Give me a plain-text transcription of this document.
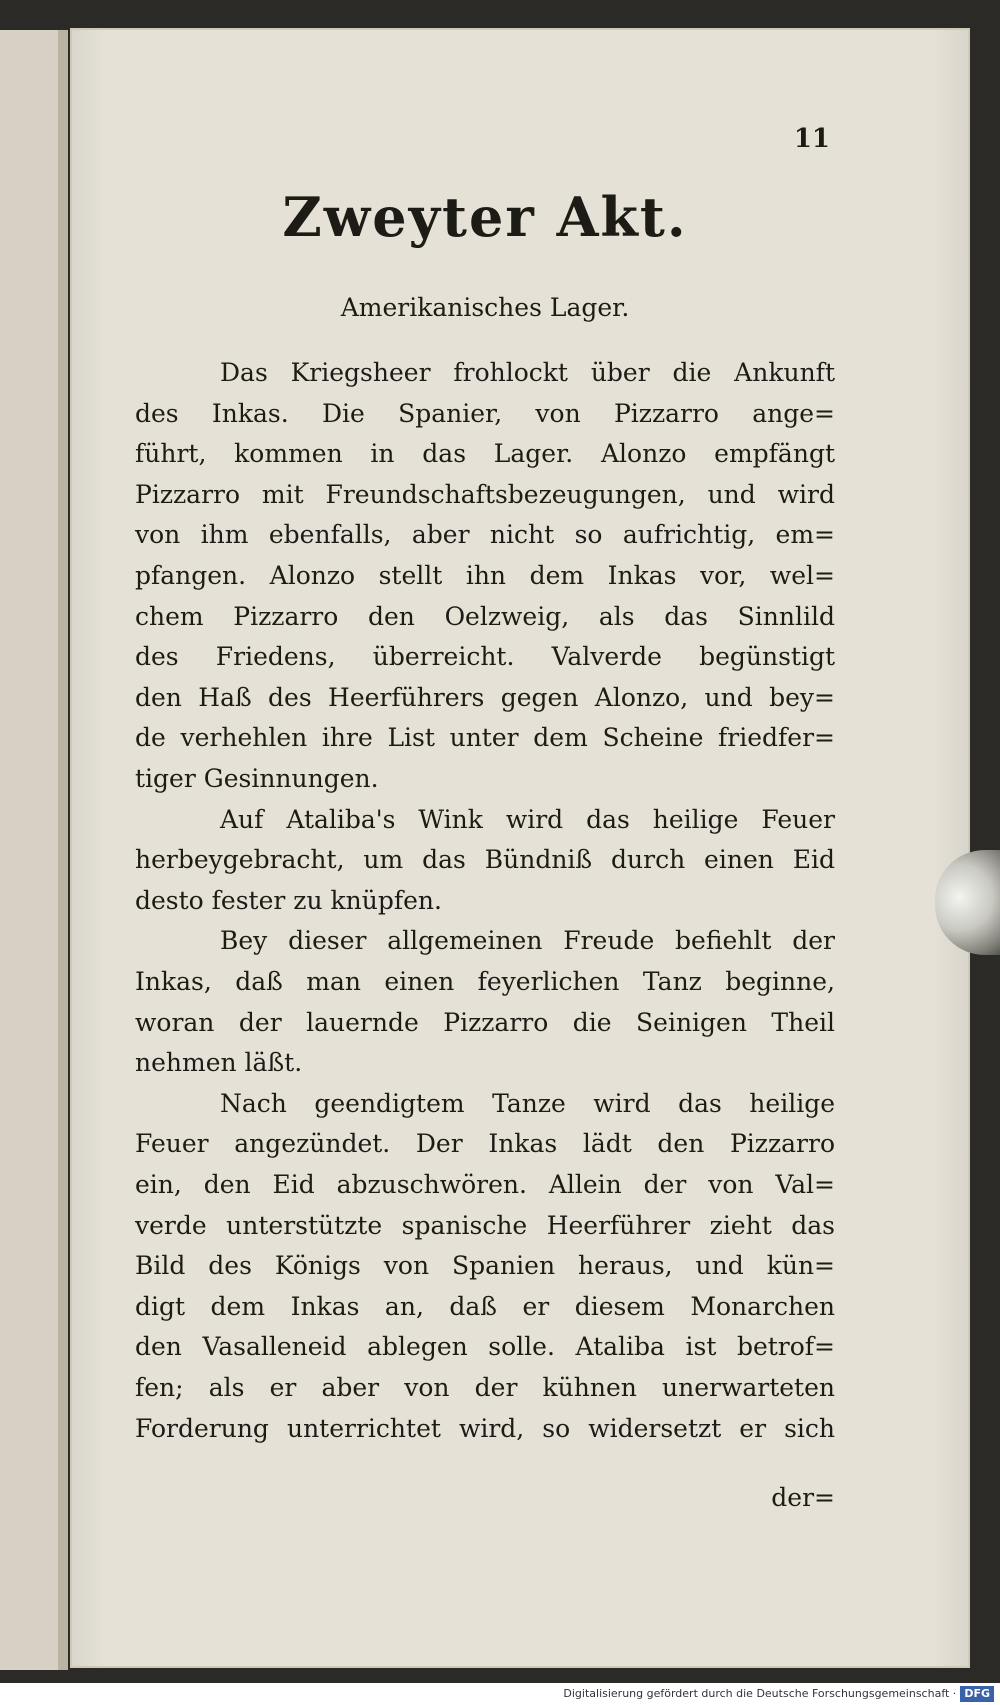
11
Zweyter Akt.
Amerikanisches Lager.
Das Kriegsheer frohlockt über die Ankunft
des Inkas. Die Spanier, von Pizzarro ange=
führt, kommen in das Lager. Alonzo empfängt
Pizzarro mit Freundschaftsbezeugungen, und wird
von ihm ebenfalls, aber nicht so aufrichtig, em=
pfangen. Alonzo stellt ihn dem Inkas vor, wel=
chem Pizzarro den Oelzweig, als das Sinnlild
des Friedens, überreicht. Valverde begünstigt
den Haß des Heerführers gegen Alonzo, und bey=
de verhehlen ihre List unter dem Scheine friedfer=
tiger Gesinnungen.
Auf Ataliba's Wink wird das heilige Feuer
herbeygebracht, um das Bündniß durch einen Eid
desto fester zu knüpfen.
Bey dieser allgemeinen Freude befiehlt der
Inkas, daß man einen feyerlichen Tanz beginne,
woran der lauernde Pizzarro die Seinigen Theil
nehmen läßt.
Nach geendigtem Tanze wird das heilige
Feuer angezündet. Der Inkas lädt den Pizzarro
ein, den Eid abzuschwören. Allein der von Val=
verde unterstützte spanische Heerführer zieht das
Bild des Königs von Spanien heraus, und kün=
digt dem Inkas an, daß er diesem Monarchen
den Vasalleneid ablegen solle. Ataliba ist betrof=
fen; als er aber von der kühnen unerwarteten
Forderung unterrichtet wird, so widersetzt er sich
der=
Digitalisierung gefördert durch die Deutsche Forschungsgemeinschaft · DFG
